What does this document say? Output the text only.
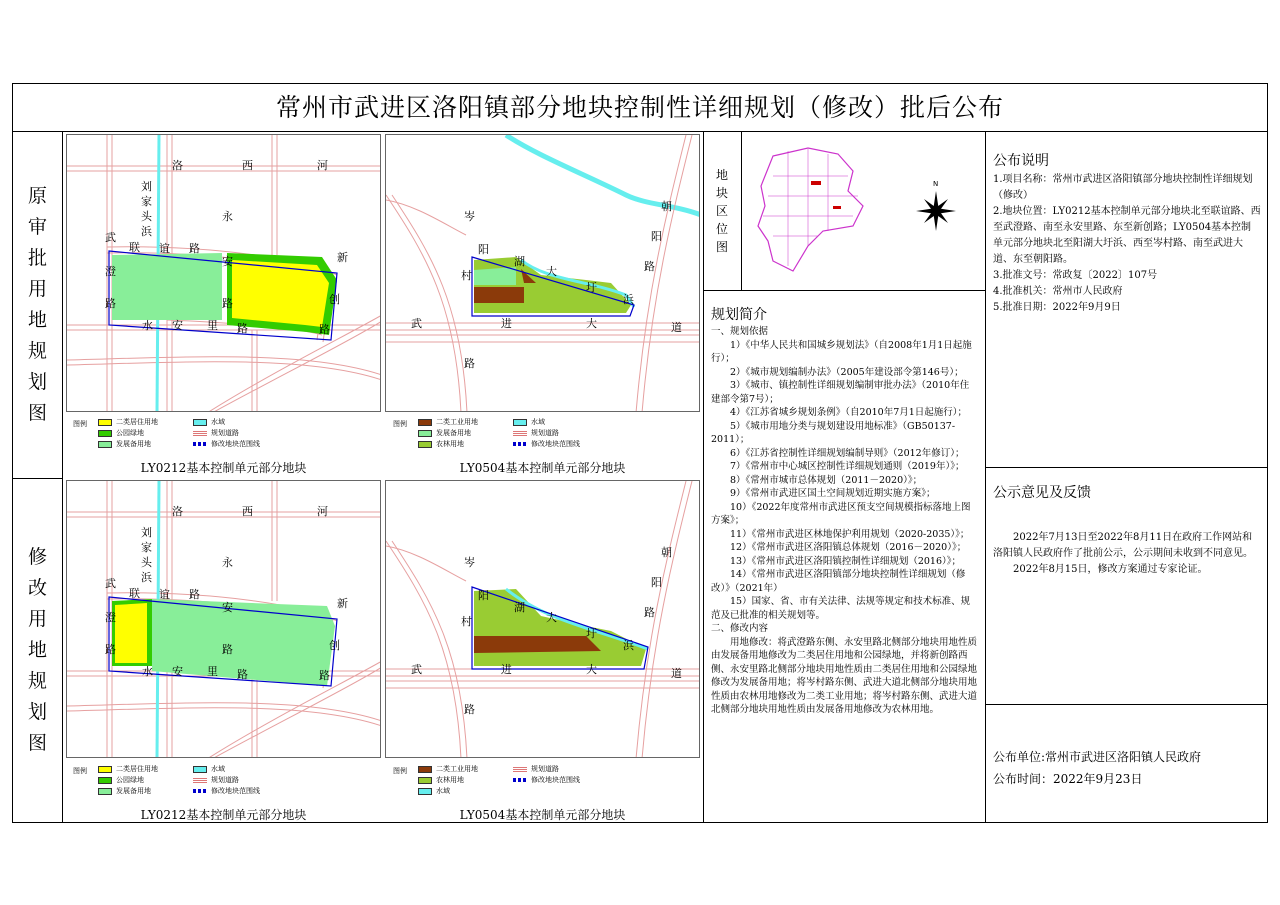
常州市武进区洛阳镇部分地块控制性详细规划（修改）批后公布
原
审
批
用
地
规
划
图
修
改
用
地
规
划
图
洛	西	河
刘
家
头
浜
永
武
联 谊 路
澄
安	新
路	路	创
水 安 里 路	路
图例	二类居住用地
公园绿地
发展备用地
水域
规划道路
修改地块范围线
LY0212基本控制单元部分地块
岑
阳
湖
大
圩
浜
朝
阳
路
村
武	进	大	道
路
图例	二类工业用地
发展备用地
农林用地
水域
规划道路
修改地块范围线
LY0504基本控制单元部分地块
洛	西	河
刘
家
头
浜
永
武
联 谊 路
澄
安	新
路	路	创
水 安 里 路	路
图例	二类居住用地
公园绿地
发展备用地
水域
规划道路
修改地块范围线
LY0212基本控制单元部分地块
岑
阳
湖
大
圩
浜
朝
阳
路
村
武	进	大	道
路
图例	二类工业用地
农林用地
水域
规划道路
修改地块范围线
LY0504基本控制单元部分地块
地
块
区
位
图
N
规划简介
一、规划依据
1）《中华人民共和国城乡规划法》（自2008年1月1日起施行）；
2）《城市规划编制办法》（2005年建设部令第146号）；
3）《城市、镇控制性详细规划编制审批办法》（2010年住建部令第7号）；
4）《江苏省城乡规划条例》（自2010年7月1日起施行）；
5）《城市用地分类与规划建设用地标准》（GB50137-2011）；
6）《江苏省控制性详细规划编制导则》（2012年修订）；
7）《常州市中心城区控制性详细规划通则（2019年）》；
8）《常州市城市总体规划（2011－2020）》；
9）《常州市武进区国土空间规划近期实施方案》；
10）《2022年度常州市武进区预支空间规模指标落地上图方案》；
11）《常州市武进区林地保护利用规划（2020-2035）》；
12）《常州市武进区洛阳镇总体规划（2016－2020）》；
13）《常州市武进区洛阳镇控制性详细规划（2016）》；
14）《常州市武进区洛阳镇部分地块控制性详细规划（修改）》（2021年）
15）国家、省、市有关法律、法规等规定和技术标准、规范及已批准的相关规划等。
二、修改内容
用地修改：将武澄路东侧、永安里路北侧部分地块用地性质由发展备用地修改为二类居住用地和公园绿地，并将新创路西侧、永安里路北侧部分地块用地性质由二类居住用地和公园绿地修改为发展备用地；将岑村路东侧、武进大道北侧部分地块用地性质由农林用地修改为二类工业用地；将岑村路东侧、武进大道北侧部分地块用地性质由发展备用地修改为农林用地。
公布说明
1.项目名称：常州市武进区洛阳镇部分地块控制性详细规划（修改）
2.地块位置：LY0212基本控制单元部分地块北至联谊路、西至武澄路、南至永安里路、东至新创路；LY0504基本控制单元部分地块北至阳湖大圩浜、西至岑村路、南至武进大道、东至朝阳路。
3.批准文号：常政复〔2022〕107号
4.批准机关：常州市人民政府
5.批准日期：2022年9月9日
公示意见及反馈
2022年7月13日至2022年8月11日在政府工作网站和洛阳镇人民政府作了批前公示，公示期间未收到不同意见。
2022年8月15日，修改方案通过专家论证。
公布单位:常州市武进区洛阳镇人民政府
公布时间：2022年9月23日
